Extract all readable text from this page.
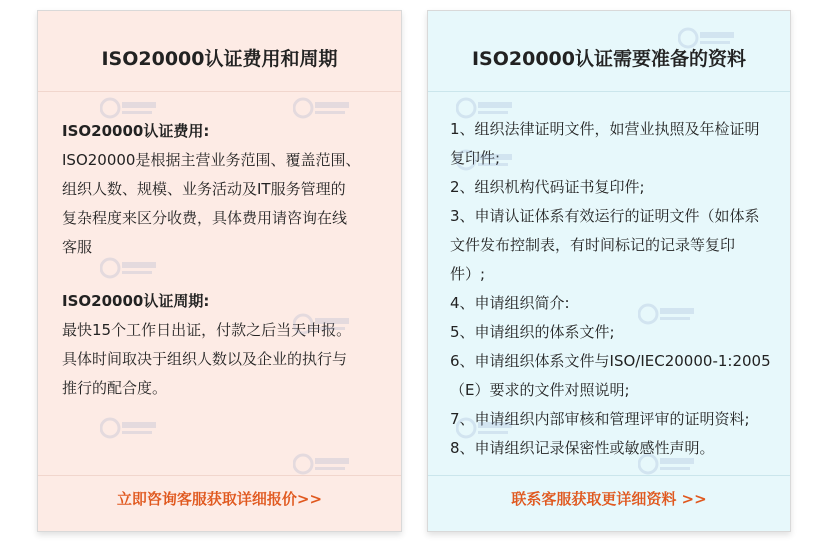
ISO20000认证费用和周期
ISO20000认证费用:
ISO20000是根据主营业务范围、覆盖范围、
组织人数、规模、业务活动及IT服务管理的
复杂程度来区分收费，具体费用请咨询在线
客服
ISO20000认证周期:
最快15个工作日出证，付款之后当天申报。
具体时间取决于组织人数以及企业的执行与
推行的配合度。
立即咨询客服获取详细报价>>
ISO20000认证需要准备的资料
1、组织法律证明文件，如营业执照及年检证明
复印件;
2、组织机构代码证书复印件;
3、申请认证体系有效运行的证明文件（如体系
文件发布控制表，有时间标记的记录等复印
件）;
4、申请组织简介:
5、申请组织的体系文件;
6、申请组织体系文件与ISO/IEC20000-1:2005
（E）要求的文件对照说明;
7、申请组织内部审核和管理评审的证明资料;
8、申请组织记录保密性或敏感性声明。
联系客服获取更详细资料 >>
